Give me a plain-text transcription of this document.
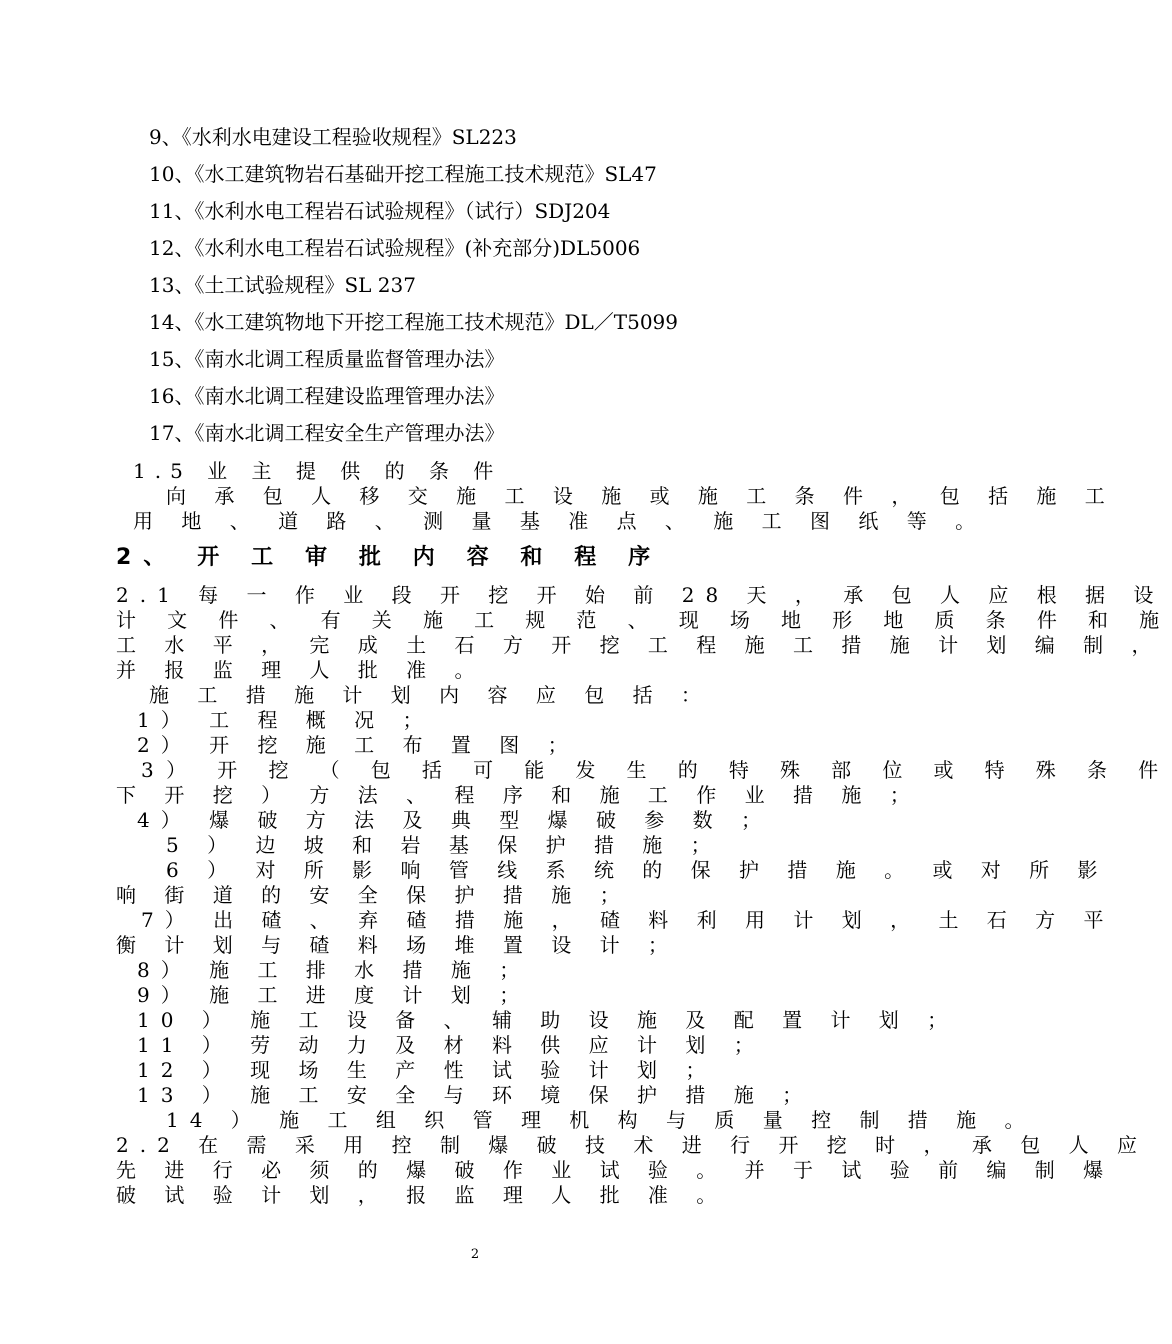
9、《水利水电建设工程验收规程》SL223
10、《水工建筑物岩石基础开挖工程施工技术规范》SL47
11、《水利水电工程岩石试验规程》（试行）SDJ204
12、《水利水电工程岩石试验规程》(补充部分)DL5006
13、《土工试验规程》SL 237
14、《水工建筑物地下开挖工程施工技术规范》DL／T5099
15、《南水北调工程质量监督管理办法》
16、《南水北调工程建设监理管理办法》
17、《南水北调工程安全生产管理办法》
1.5 业 主 提 供 的 条 件
向 承 包 人 移 交 施 工 设 施 或 施 工 条 件 ， 包 括 施 工
用 地 、 道 路 、 测 量 基 准 点 、 施 工 图 纸 等 。
2、 开 工 审 批 内 容 和 程 序
2.1 每 一 作 业 段 开 挖 开 始 前 28 天 ， 承 包 人 应 根 据 设
计 文 件 、 有 关 施 工 规 范 、 现 场 地 形 地 质 条 件 和 施
工 水 平 ， 完 成 土 石 方 开 挖 工 程 施 工 措 施 计 划 编 制 ，
并 报 监 理 人 批 准 。
施 工 措 施 计 划 内 容 应 包 括 ：
1） 工 程 概 况 ；
2） 开 挖 施 工 布 置 图 ；
3） 开 挖 （ 包 括 可 能 发 生 的 特 殊 部 位 或 特 殊 条 件
下 开 挖 ） 方 法 、 程 序 和 施 工 作 业 措 施 ；
4） 爆 破 方 法 及 典 型 爆 破 参 数 ；
5 ） 边 坡 和 岩 基 保 护 措 施 ；
6 ） 对 所 影 响 管 线 系 统 的 保 护 措 施 。 或 对 所 影
响 街 道 的 安 全 保 护 措 施 ；
7） 出 碴 、 弃 碴 措 施 ， 碴 料 利 用 计 划 ， 土 石 方 平
衡 计 划 与 碴 料 场 堆 置 设 计 ；
8） 施 工 排 水 措 施 ；
9） 施 工 进 度 计 划 ；
10 ） 施 工 设 备 、 辅 助 设 施 及 配 置 计 划 ；
11 ） 劳 动 力 及 材 料 供 应 计 划 ；
12 ） 现 场 生 产 性 试 验 计 划 ；
13 ） 施 工 安 全 与 环 境 保 护 措 施 ；
14 ） 施 工 组 织 管 理 机 构 与 质 量 控 制 措 施 。
2.2 在 需 采 用 控 制 爆 破 技 术 进 行 开 挖 时 ， 承 包 人 应
先 进 行 必 须 的 爆 破 作 业 试 验 。 并 于 试 验 前 编 制 爆
破 试 验 计 划 ， 报 监 理 人 批 准 。
2
